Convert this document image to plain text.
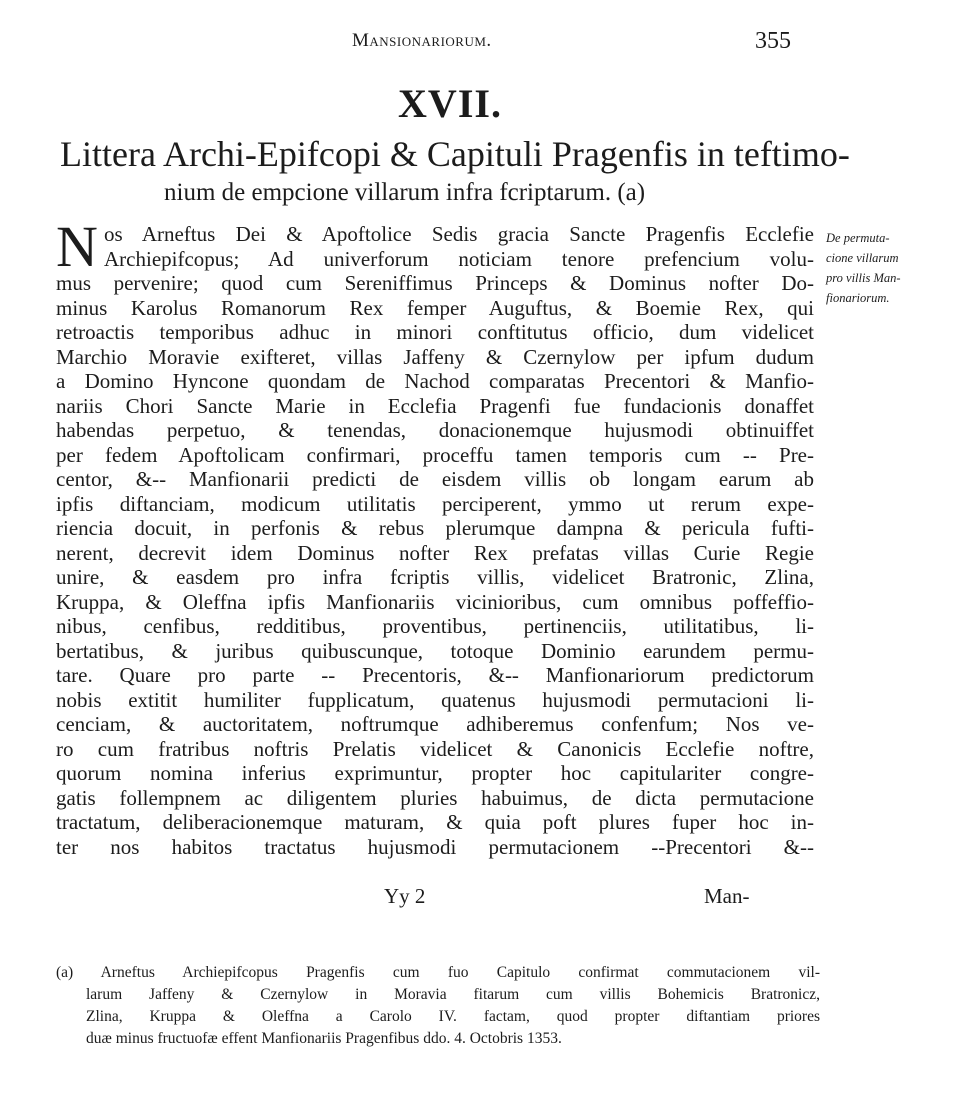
Mansionariorum.	355
XVII.
Littera Archi-Epifcopi & Capituli Pragenfis in teftimo-
nium de empcione villarum infra fcriptarum. (a)
N os Arneftus Dei & Apoftolice Sedis gracia Sancte Pragenfis Ecclefie
Archiepifcopus; Ad univerforum noticiam tenore prefencium volu-
mus pervenire; quod cum Sereniffimus Princeps & Dominus nofter Do-
minus Karolus Romanorum Rex femper Auguftus, & Boemie Rex, qui
retroactis temporibus adhuc in minori conftitutus officio, dum videlicet
Marchio Moravie exifteret, villas Jaffeny & Czernylow per ipfum dudum
a Domino Hyncone quondam de Nachod comparatas Precentori & Manfio-
nariis Chori Sancte Marie in Ecclefia Pragenfi fue fundacionis donaffet
habendas perpetuo, & tenendas, donacionemque hujusmodi obtinuiffet
per fedem Apoftolicam confirmari, proceffu tamen temporis cum -- Pre-
centor, &-- Manfionarii predicti de eisdem villis ob longam earum ab
ipfis diftanciam, modicum utilitatis perciperent, ymmo ut rerum expe-
riencia docuit, in perfonis & rebus plerumque dampna & pericula fufti-
nerent, decrevit idem Dominus nofter Rex prefatas villas Curie Regie
unire, & easdem pro infra fcriptis villis, videlicet Bratronic, Zlina,
Kruppa, & Oleffna ipfis Manfionariis vicinioribus, cum omnibus poffeffio-
nibus, cenfibus, redditibus, proventibus, pertinenciis, utilitatibus, li-
bertatibus, & juribus quibuscunque, totoque Dominio earundem permu-
tare. Quare pro parte -- Precentoris, &-- Manfionariorum predictorum
nobis extitit humiliter fupplicatum, quatenus hujusmodi permutacioni li-
cenciam, & auctoritatem, noftrumque adhiberemus confenfum; Nos ve-
ro cum fratribus noftris Prelatis videlicet & Canonicis Ecclefie noftre,
quorum nomina inferius exprimuntur, propter hoc capitulariter congre-
gatis follempnem ac diligentem pluries habuimus, de dicta permutacione
tractatum, deliberacionemque maturam, & quia poft plures fuper hoc in-
ter nos habitos tractatus hujusmodi permutacionem --Precentori &--
De permuta-
cione villarum
pro villis Man-
fionariorum.
Yy 2	Man-
(a) Arneftus Archiepifcopus Pragenfis cum fuo Capitulo confirmat commutacionem vil-
larum Jaffeny & Czernylow in Moravia fitarum cum villis Bohemicis Bratronicz,
Zlina, Kruppa & Oleffna a Carolo IV. factam, quod propter diftantiam priores
duæ minus fructuofæ effent Manfionariis Pragenfibus ddo. 4. Octobris 1353.
